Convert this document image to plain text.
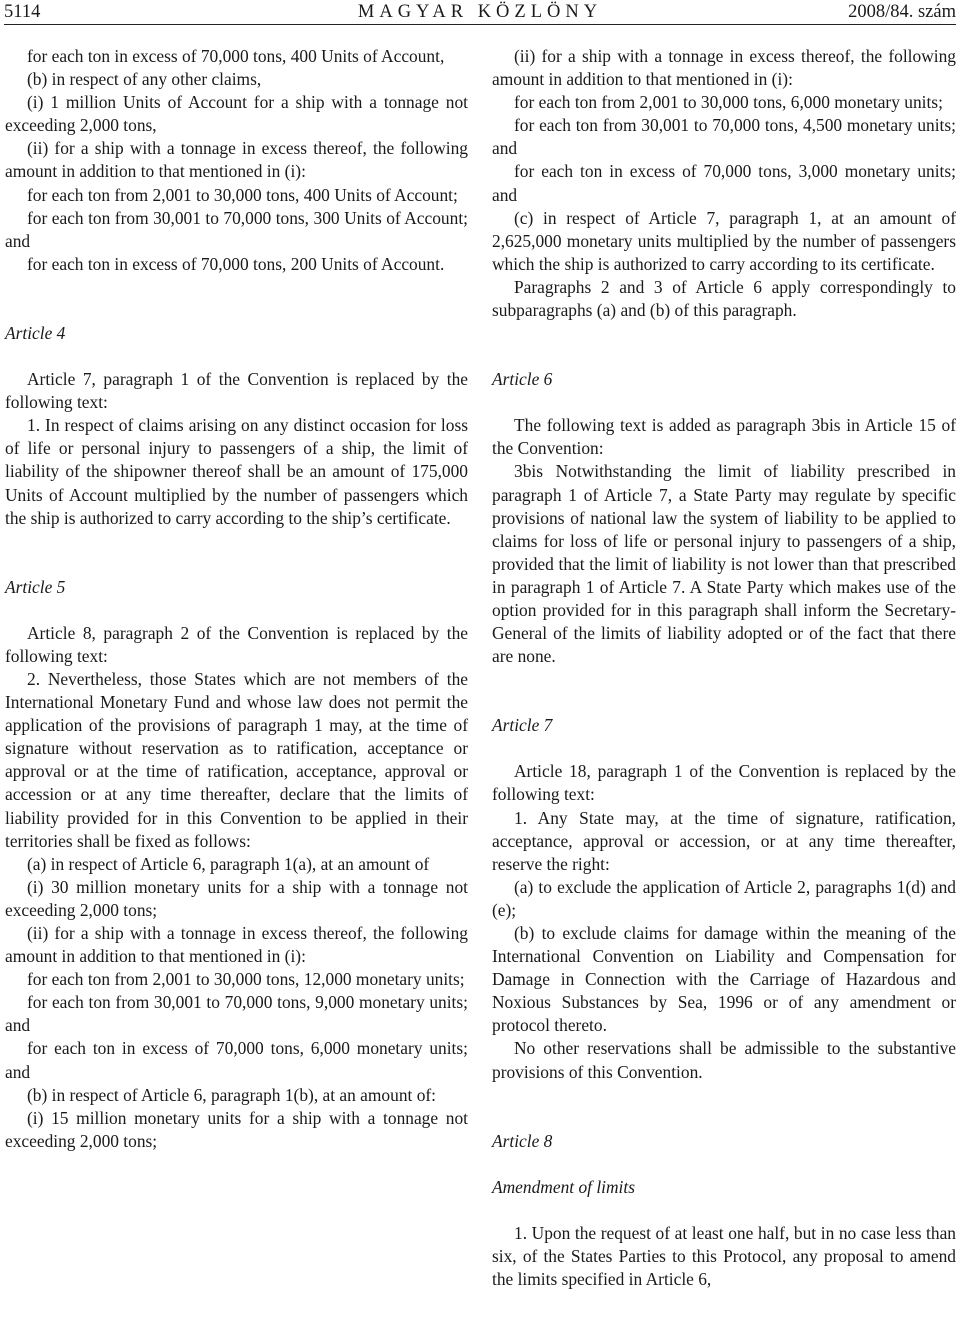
5114	MAGYAR KÖZLÖNY	2008/84. szám

for each ton in excess of 70,000 tons, 400 Units of Account,

(b) in respect of any other claims,

(i) 1 million Units of Account for a ship with a tonnage not exceeding 2,000 tons,

(ii) for a ship with a tonnage in excess thereof, the following amount in addition to that mentioned in (i):

for each ton from 2,001 to 30,000 tons, 400 Units of Account;

for each ton from 30,001 to 70,000 tons, 300 Units of Account; and

for each ton in excess of 70,000 tons, 200 Units of Account.

Article 4

Article 7, paragraph 1 of the Convention is replaced by the following text:

1. In respect of claims arising on any distinct occasion for loss of life or personal injury to passengers of a ship, the limit of liability of the shipowner thereof shall be an amount of 175,000 Units of Account multiplied by the number of passengers which the ship is authorized to carry according to the ship’s certificate.

Article 5

Article 8, paragraph 2 of the Convention is replaced by the following text:

2. Nevertheless, those States which are not members of the International Monetary Fund and whose law does not permit the application of the provisions of paragraph 1 may, at the time of signature without reservation as to ratification, acceptance or approval or at the time of ratification, acceptance, approval or accession or at any time thereafter, declare that the limits of liability provided for in this Convention to be applied in their territories shall be fixed as follows:

(a) in respect of Article 6, paragraph 1(a), at an amount of

(i) 30 million monetary units for a ship with a tonnage not exceeding 2,000 tons;

(ii) for a ship with a tonnage in excess thereof, the following amount in addition to that mentioned in (i):

for each ton from 2,001 to 30,000 tons, 12,000 monetary units;

for each ton from 30,001 to 70,000 tons, 9,000 monetary units; and

for each ton in excess of 70,000 tons, 6,000 monetary units; and

(b) in respect of Article 6, paragraph 1(b), at an amount of:

(i) 15 million monetary units for a ship with a tonnage not exceeding 2,000 tons;

(ii) for a ship with a tonnage in excess thereof, the following amount in addition to that mentioned in (i):

for each ton from 2,001 to 30,000 tons, 6,000 monetary units;

for each ton from 30,001 to 70,000 tons, 4,500 monetary units; and

for each ton in excess of 70,000 tons, 3,000 monetary units; and

(c) in respect of Article 7, paragraph 1, at an amount of 2,625,000 monetary units multiplied by the number of passengers which the ship is authorized to carry according to its certificate.

Paragraphs 2 and 3 of Article 6 apply correspondingly to subparagraphs (a) and (b) of this paragraph.

Article 6

The following text is added as paragraph 3bis in Article 15 of the Convention:

3bis Notwithstanding the limit of liability prescribed in paragraph 1 of Article 7, a State Party may regulate by specific provisions of national law the system of liability to be applied to claims for loss of life or personal injury to passengers of a ship, provided that the limit of liability is not lower than that prescribed in paragraph 1 of Article 7. A State Party which makes use of the option provided for in this paragraph shall inform the Secretary-General of the limits of liability adopted or of the fact that there are none.

Article 7

Article 18, paragraph 1 of the Convention is replaced by the following text:

1. Any State may, at the time of signature, ratification, acceptance, approval or accession, or at any time thereafter, reserve the right:

(a) to exclude the application of Article 2, paragraphs 1(d) and (e);

(b) to exclude claims for damage within the meaning of the International Convention on Liability and Compensation for Damage in Connection with the Carriage of Hazardous and Noxious Substances by Sea, 1996 or of any amendment or protocol thereto.

No other reservations shall be admissible to the substantive provisions of this Convention.

Article 8

Amendment of limits

1. Upon the request of at least one half, but in no case less than six, of the States Parties to this Protocol, any proposal to amend the limits specified in Article 6,
